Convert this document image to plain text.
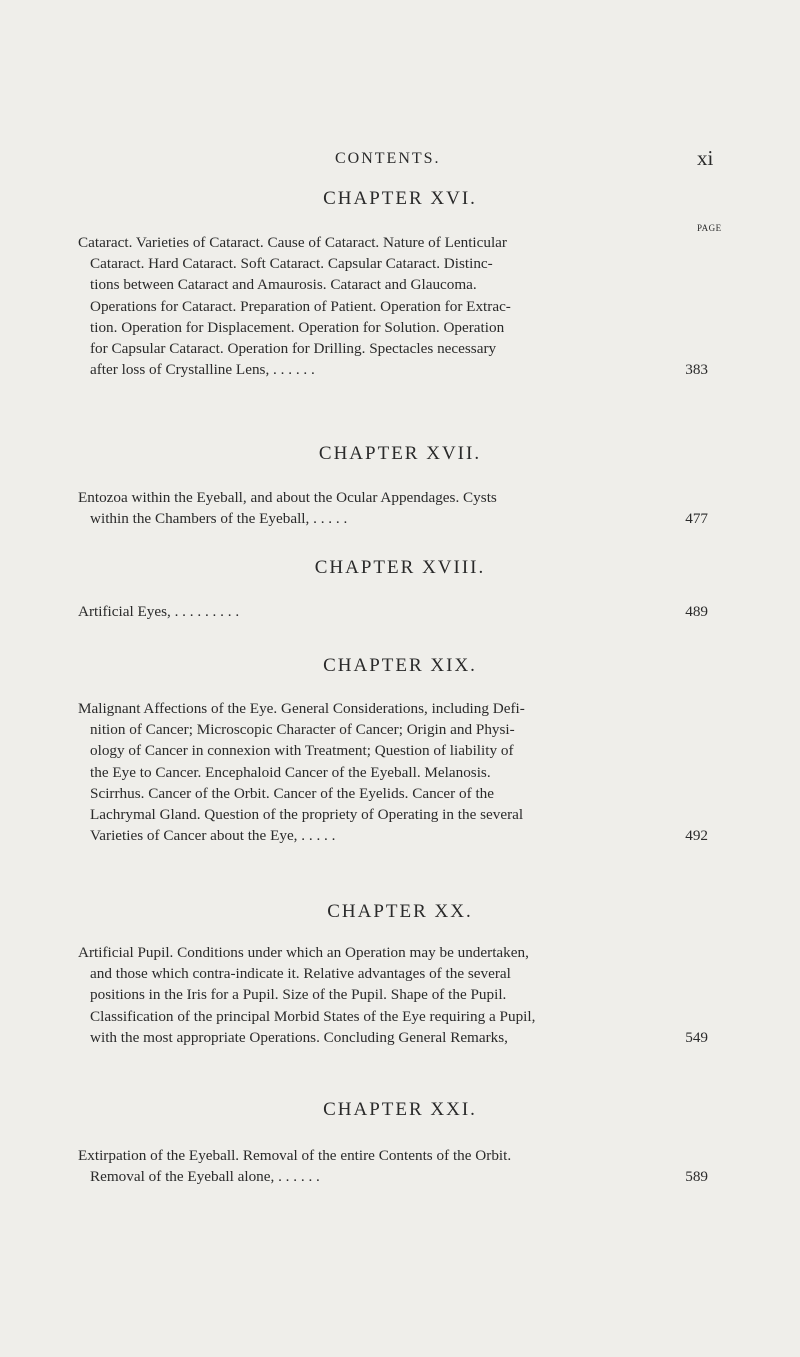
CONTENTS.	xi
PAGE
CHAPTER XVI.
Cataract. Varieties of Cataract. Cause of Cataract. Nature of Lenticular
Cataract. Hard Cataract. Soft Cataract. Capsular Cataract. Distinc-
tions between Cataract and Amaurosis. Cataract and Glaucoma.
Operations for Cataract. Preparation of Patient. Operation for Extrac-
tion. Operation for Displacement. Operation for Solution. Operation
for Capsular Cataract. Operation for Drilling. Spectacles necessary
after loss of Crystalline Lens, . . . . . .	383
CHAPTER XVII.
Entozoa within the Eyeball, and about the Ocular Appendages. Cysts
within the Chambers of the Eyeball, . . . . .	477
CHAPTER XVIII.
Artificial Eyes, . . . . . . . . .	489
CHAPTER XIX.
Malignant Affections of the Eye. General Considerations, including Defi-
nition of Cancer; Microscopic Character of Cancer; Origin and Physi-
ology of Cancer in connexion with Treatment; Question of liability of
the Eye to Cancer. Encephaloid Cancer of the Eyeball. Melanosis.
Scirrhus. Cancer of the Orbit. Cancer of the Eyelids. Cancer of the
Lachrymal Gland. Question of the propriety of Operating in the several
Varieties of Cancer about the Eye, . . . . .	492
CHAPTER XX.
Artificial Pupil. Conditions under which an Operation may be undertaken,
and those which contra-indicate it. Relative advantages of the several
positions in the Iris for a Pupil. Size of the Pupil. Shape of the Pupil.
Classification of the principal Morbid States of the Eye requiring a Pupil,
with the most appropriate Operations. Concluding General Remarks,	549
CHAPTER XXI.
Extirpation of the Eyeball. Removal of the entire Contents of the Orbit.
Removal of the Eyeball alone, . . . . . .	589
